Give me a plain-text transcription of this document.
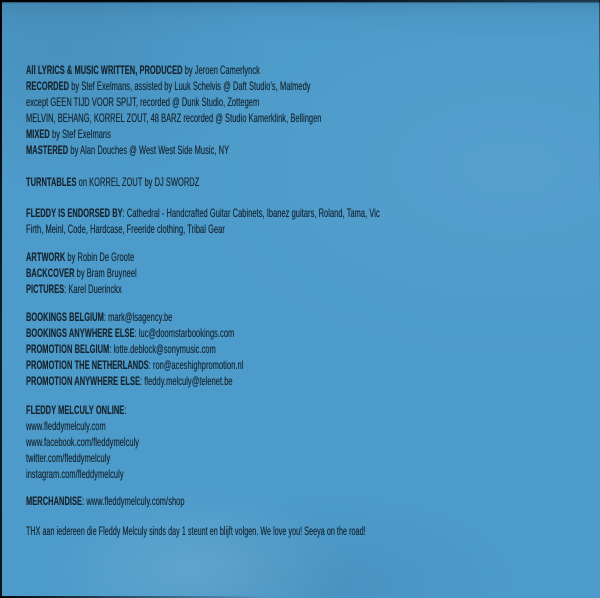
All LYRICS & MUSIC WRITTEN, PRODUCED by Jeroen Camerlynck
RECORDED by Stef Exelmans, assisted by Luuk Schelvis @ Daft Studio's, Malmedy
except GEEN TIJD VOOR SPIJT, recorded @ Dunk Studio, Zottegem
MELVIN, BEHANG, KORREL ZOUT, 48 BARZ recorded @ Studio Kamerklink, Bellingen
MIXED by Stef Exelmans
MASTERED by Alan Douches @ West West Side Music, NY
TURNTABLES on KORREL ZOUT by DJ SWORDZ
FLEDDY IS ENDORSED BY: Cathedral - Handcrafted Guitar Cabinets, Ibanez guitars, Roland, Tama, Vic
Firth, Meinl, Code, Hardcase, Freeride clothing, Tribal Gear
ARTWORK by Robin De Groote
BACKCOVER by Bram Bruyneel
PICTURES: Karel Duerinckx
BOOKINGS BELGIUM: mark@lsagency.be
BOOKINGS ANYWHERE ELSE: luc@doomstarbookings.com
PROMOTION BELGIUM: lotte.deblock@sonymusic.com
PROMOTION THE NETHERLANDS: ron@aceshighpromotion.nl
PROMOTION ANYWHERE ELSE: fleddy.melculy@telenet.be
FLEDDY MELCULY ONLINE:
www.fleddymelculy.com
www.facebook.com/fleddymelculy
twitter.com/fleddymelculy
instagram.com/fleddymelculy
MERCHANDISE: www.fleddymelculy.com/shop
THX aan iedereen die Fleddy Melculy sinds day 1 steunt en blijft volgen. We love you! Seeya on the road!
